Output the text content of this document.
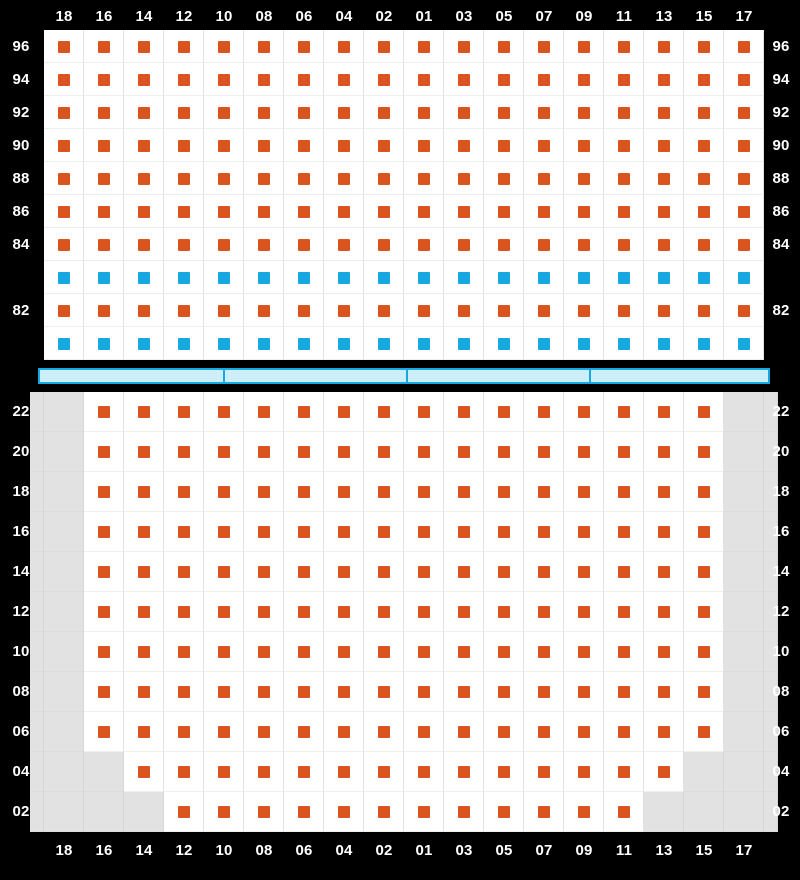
18	16	14	12	10	08	06	04	02	01	03	05	07	09	11	13	15	17
18	16	14	12	10	08	06	04	02	01	03	05	07	09	11	13	15	17
96	96
94	94
92	92
90	90
88	88
86	86
84	84
82	82
22	22
20	20
18	18
16	16
14	14
12	12
10	10
08	08
06	06
04	04
02	02
